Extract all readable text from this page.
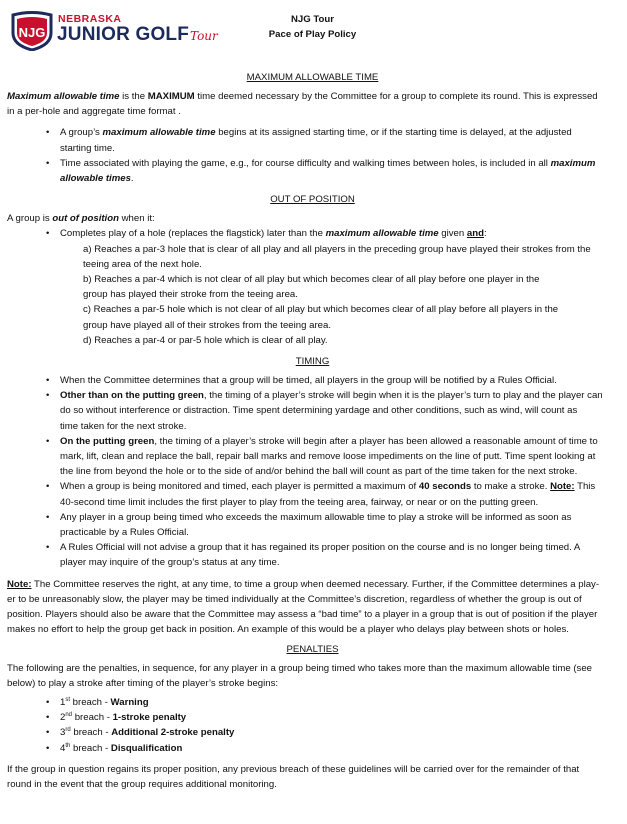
NJG
NEBRASKA
JUNIOR GOLF Tour
NJG Tour
Pace of Play Policy
MAXIMUM ALLOWABLE TIME

Maximum allowable time is the MAXIMUM time deemed necessary by the Committee for a group to complete its round. This is expressed
in a per-hole and aggregate time format .

• A group’s maximum allowable time begins at its assigned starting time, or if the starting time is delayed, at the adjusted
starting time.
• Time associated with playing the game, e.g., for course difficulty and walking times between holes, is included in all maximum
allowable times.
OUT OF POSITION

A group is out of position when it:

• Completes play of a hole (replaces the flagstick) later than the maximum allowable time given and:
a) Reaches a par-3 hole that is clear of all play and all players in the preceding group have played their strokes from the
teeing area of the next hole.
b) Reaches a par-4 which is not clear of all play but which becomes clear of all play before one player in the
group has played their stroke from the teeing area.
c) Reaches a par-5 hole which is not clear of all play but which becomes clear of all play before all players in the
group have played all of their strokes from the teeing area.
d) Reaches a par-4 or par-5 hole which is clear of all play.
TIMING
• When the Committee determines that a group will be timed, all players in the group will be notified by a Rules Official.
• Other than on the putting green, the timing of a player’s stroke will begin when it is the player’s turn to play and the player can
do so without interference or distraction. Time spent determining yardage and other conditions, such as wind, will count as
time taken for the next stroke.
• On the putting green, the timing of a player’s stroke will begin after a player has been allowed a reasonable amount of time to
mark, lift, clean and replace the ball, repair ball marks and remove loose impediments on the line of putt. Time spent looking at
the line from beyond the hole or to the side of and/or behind the ball will count as part of the time taken for the next stroke.
• When a group is being monitored and timed, each player is permitted a maximum of 40 seconds to make a stroke. Note: This
40-second time limit includes the first player to play from the teeing area, fairway, or near or on the putting green.
• Any player in a group being timed who exceeds the maximum allowable time to play a stroke will be informed as soon as
practicable by a Rules Official.
• A Rules Official will not advise a group that it has regained its proper position on the course and is no longer being timed. A
player may inquire of the group’s status at any time.

Note: The Committee reserves the right, at any time, to time a group when deemed necessary. Further, if the Committee determines a play-
er to be unreasonably slow, the player may be timed individually at the Committee’s discretion, regardless of whether the group is out of
position. Players should also be aware that the Committee may assess a “bad time” to a player in a group that is out of position if the player
makes no effort to help the group get back in position. An example of this would be a player who delays play between shots or holes.

PENALTIES

The following are the penalties, in sequence, for any player in a group being timed who takes more than the maximum allowable time (see
below) to play a stroke after timing of the player’s stroke begins:

• 1st breach - Warning
• 2nd breach - 1-stroke penalty
• 3rd breach - Additional 2-stroke penalty
• 4th breach - Disqualification

If the group in question regains its proper position, any previous breach of these guidelines will be carried over for the remainder of that
round in the event that the group requires additional monitoring.
